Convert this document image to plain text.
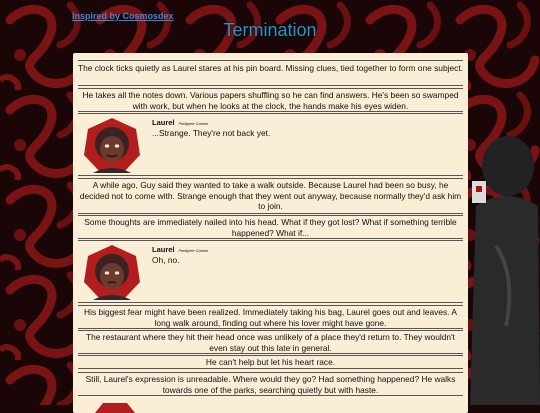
Inspired by Cosmosdex
Termination
The clock ticks quietly as Laurel stares at his pin board. Missing clues, tied together to form one subject.
He takes all the notes down. Various papers shuffling so he can find answers. He's been so swamped with work, but when he looks at the clock, the hands make his eyes widen.
Laurel Pedigree Canine
...Strange. They're not back yet.
A while ago, Guy said they wanted to take a walk outside. Because Laurel had been so busy, he decided not to come with. Strange enough that they went out anyway, because normally they'd ask him to join.
Some thoughts are immediately nailed into his head. What if they got lost? What if something terrible happened? What if...
Laurel Pedigree Canine
Oh, no.
His biggest fear might have been realized. Immediately taking his bag, Laurel goes out and leaves. A long walk around, finding out where his lover might have gone.
The restaurant where they hit their head once was unlikely of a place they'd return to. They wouldn't even stay out this late in general.
He can't help but let his heart race.
Still, Laurel's expression is unreadable. Where would they go? Had something happened? He walks towards one of the parks, searching quietly but with haste.
